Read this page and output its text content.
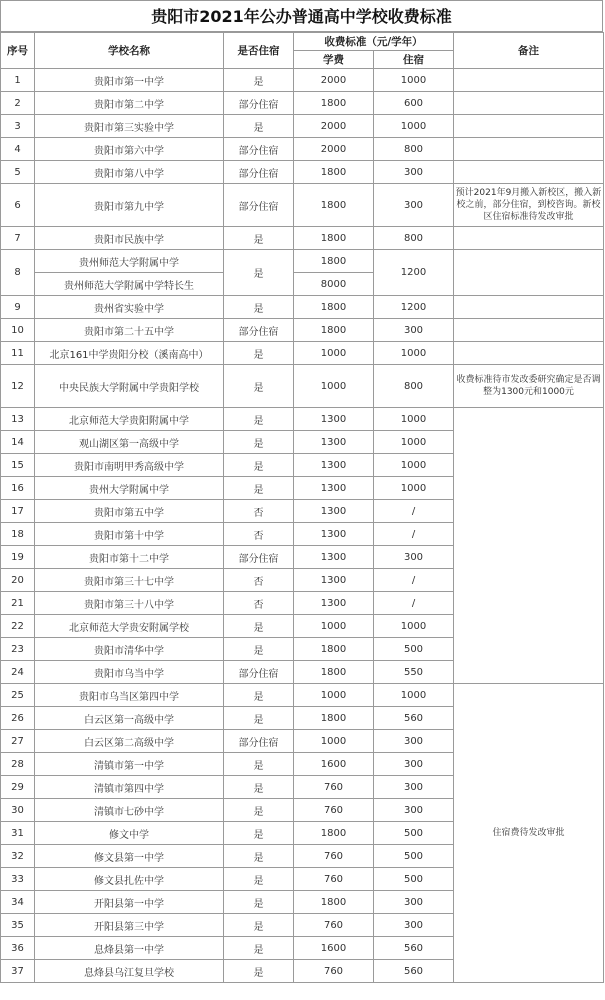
贵阳市2021年公办普通高中学校收费标准
序号	学校名称	是否住宿	收费标准（元/学年）		备注
			学费	住宿	
1	贵阳市第一中学	是	2000	1000	
2	贵阳市第二中学	部分住宿	1800	600	
3	贵阳市第三实验中学	是	2000	1000	
4	贵阳市第六中学	部分住宿	2000	800	
5	贵阳市第八中学	部分住宿	1800	300	
6	贵阳市第九中学	部分住宿	1800	300	预计2021年9月搬入新校区，搬入新校之前，部分住宿，到校咨询。新校区住宿标准待发改审批
7	贵阳市民族中学	是	1800	800	
8	贵州师范大学附属中学	是	1800	1200	
	贵州师范大学附属中学特长生		8000		
9	贵州省实验中学	是	1800	1200	
10	贵阳市第二十五中学	部分住宿	1800	300	
11	北京161中学贵阳分校（溪南高中）	是	1000	1000	
12	中央民族大学附属中学贵阳学校	是	1000	800	收费标准待市发改委研究确定是否调整为1300元和1000元
13	北京师范大学贵阳附属中学	是	1300	1000	
14	观山湖区第一高级中学	是	1300	1000	
15	贵阳市南明甲秀高级中学	是	1300	1000	
16	贵州大学附属中学	是	1300	1000	
17	贵阳市第五中学	否	1300	/	
18	贵阳市第十中学	否	1300	/	
19	贵阳市第十二中学	部分住宿	1300	300	
20	贵阳市第三十七中学	否	1300	/	
21	贵阳市第三十八中学	否	1300	/	
22	北京师范大学贵安附属学校	是	1000	1000	
23	贵阳市清华中学	是	1800	500	
24	贵阳市乌当中学	部分住宿	1800	550	
25	贵阳市乌当区第四中学	是	1000	1000	住宿费待发改审批
26	白云区第一高级中学	是	1800	560	
27	白云区第二高级中学	部分住宿	1000	300	
28	清镇市第一中学	是	1600	300	
29	清镇市第四中学	是	760	300	
30	清镇市七砂中学	是	760	300	
31	修文中学	是	1800	500	
32	修文县第一中学	是	760	500	
33	修文县扎佐中学	是	760	500	
34	开阳县第一中学	是	1800	300	
35	开阳县第三中学	是	760	300	
36	息烽县第一中学	是	1600	560	
37	息烽县乌江复旦学校	是	760	560	
